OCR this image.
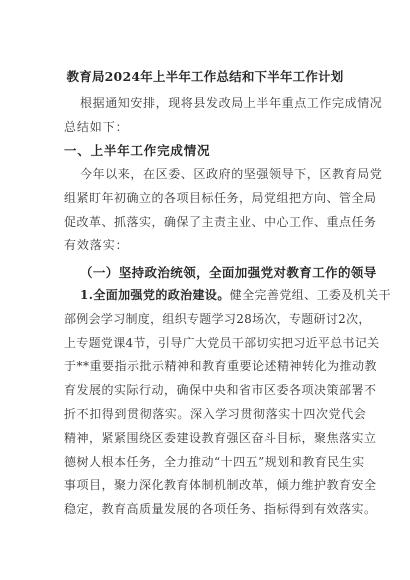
教育局2024年上半年工作总结和下半年工作计划
根据通知安排，现将县发改局上半年重点工作完成情况
总结如下：
一、上半年工作完成情况
今年以来，在区委、区政府的坚强领导下，区教育局党
组紧盯年初确立的各项目标任务，局党组把方向、管全局
促改革、抓落实，确保了主责主业、中心工作、重点任务
有效落实：
（一）坚持政治统领，全面加强党对教育工作的领导
1.全面加强党的政治建设。健全完善党组、工委及机关干
部例会学习制度，组织专题学习28场次，专题研讨2次，
上专题党课4节，引导广大党员干部切实把习近平总书记关
于**重要指示批示精神和教育重要论述精神转化为推动教
育发展的实际行动，确保中央和省市区委各项决策部署不
折不扣得到贯彻落实。深入学习贯彻落实十四次党代会
精神，紧紧围绕区委建设教育强区奋斗目标，聚焦落实立
德树人根本任务，全力推动“十四五”规划和教育民生实
事项目，聚力深化教育体制机制改革，倾力维护教育安全
稳定，教育高质量发展的各项任务、指标得到有效落实。
